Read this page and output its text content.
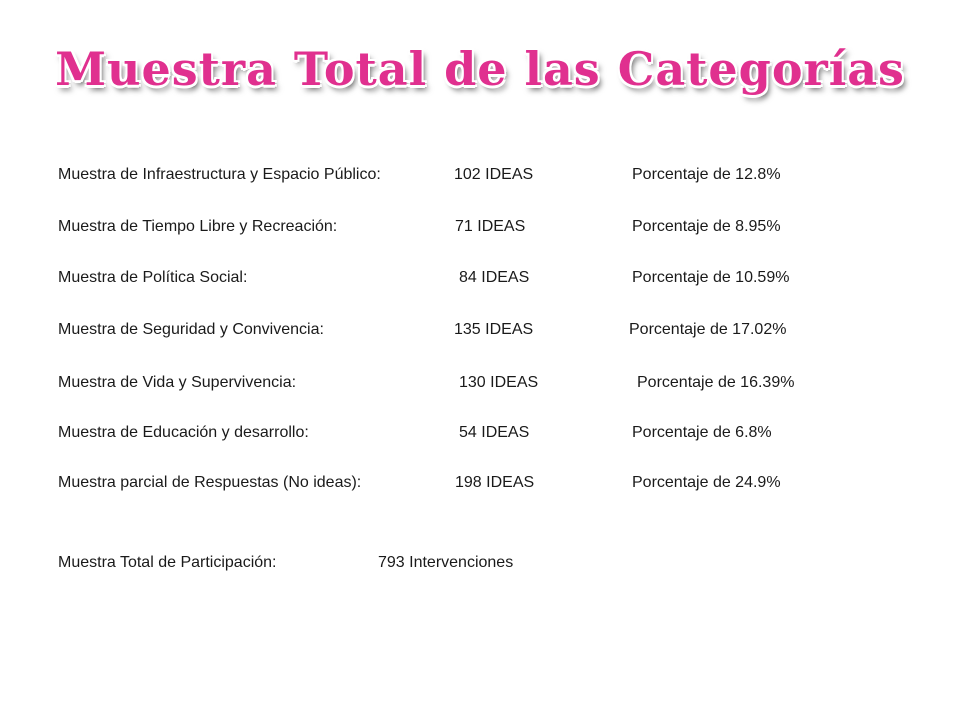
Muestra Total de las Categorías
Muestra de Infraestructura y Espacio Público:	102 IDEAS	Porcentaje de 12.8%
Muestra de Tiempo Libre y Recreación:	71 IDEAS	Porcentaje de 8.95%
Muestra de Política Social:	84 IDEAS	Porcentaje de 10.59%
Muestra de Seguridad y Convivencia:	135 IDEAS	Porcentaje de 17.02%
Muestra de Vida y Supervivencia:	130 IDEAS	Porcentaje de 16.39%
Muestra de Educación y desarrollo:	54 IDEAS	Porcentaje de 6.8%
Muestra parcial de Respuestas (No ideas):	198 IDEAS	Porcentaje de 24.9%
Muestra Total de Participación:	793 Intervenciones
